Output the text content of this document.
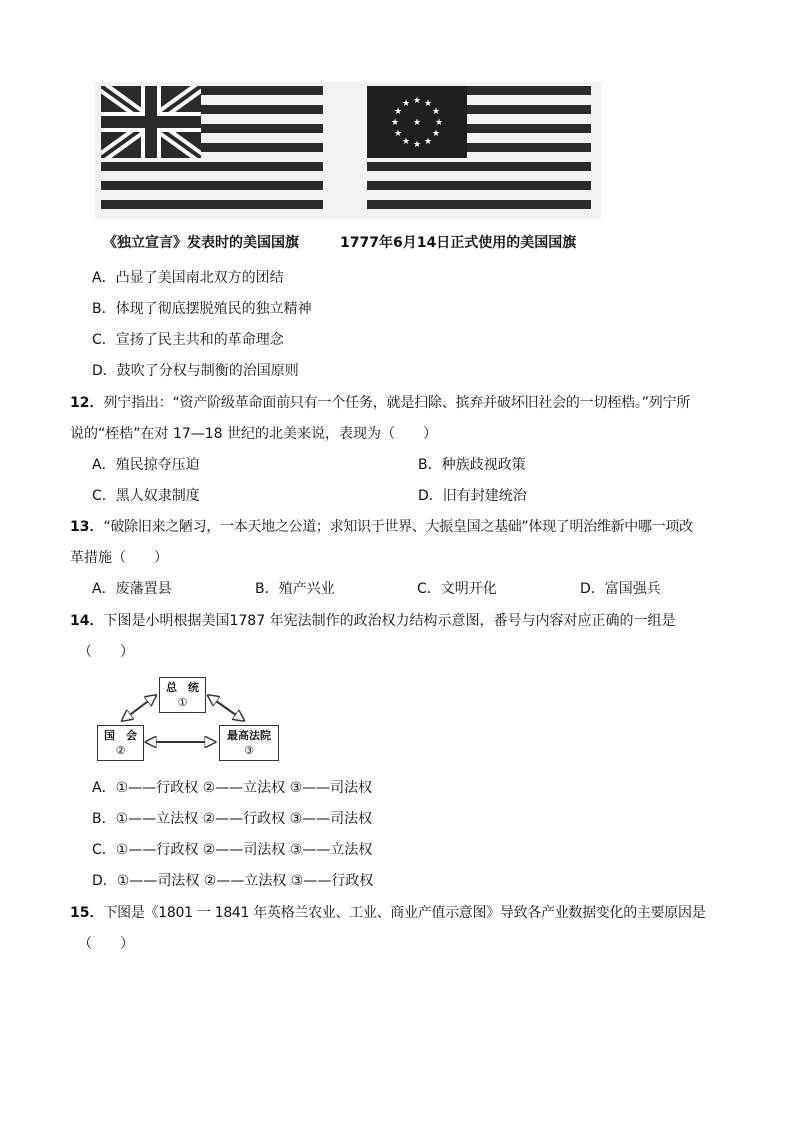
★ ★
★
★
★
★
★
★
★
★
★
★
★
《独立宣言》发表时的美国国旗	1777年6月14日正式使用的美国国旗
A．凸显了美国南北双方的团结
B．体现了彻底摆脱殖民的独立精神
C．宣扬了民主共和的革命理念
D．鼓吹了分权与制衡的治国原则
12．列宁指出：“资产阶级革命面前只有一个任务，就是扫除、摈弃并破坏旧社会的一切桎梏。”列宁所
说的“桎梏”在对 17—18 世纪的北美来说，表现为（　　）
A．殖民掠夺压迫	B．种族歧视政策
C．黑人奴隶制度	D．旧有封建统治
13．“破除旧来之陋习，一本天地之公道；求知识于世界、大振皇国之基础”体现了明治维新中哪一项改
革措施（　　）
A．废藩置县	B．殖产兴业	C．文明开化	D．富国强兵
14．下图是小明根据美国1787 年宪法制作的政治权力结构示意图，番号与内容对应正确的一组是
（　　）
总　统
①
国　会
②
最高法院
③
A．①——行政权 ②——立法权 ③——司法权
B．①——立法权 ②——行政权 ③——司法权
C．①——行政权 ②——司法权 ③——立法权
D．①——司法权 ②——立法权 ③——行政权
15．下图是《1801 一 1841 年英格兰农业、工业、商业产值示意图》导致各产业数据变化的主要原因是
（　　）
